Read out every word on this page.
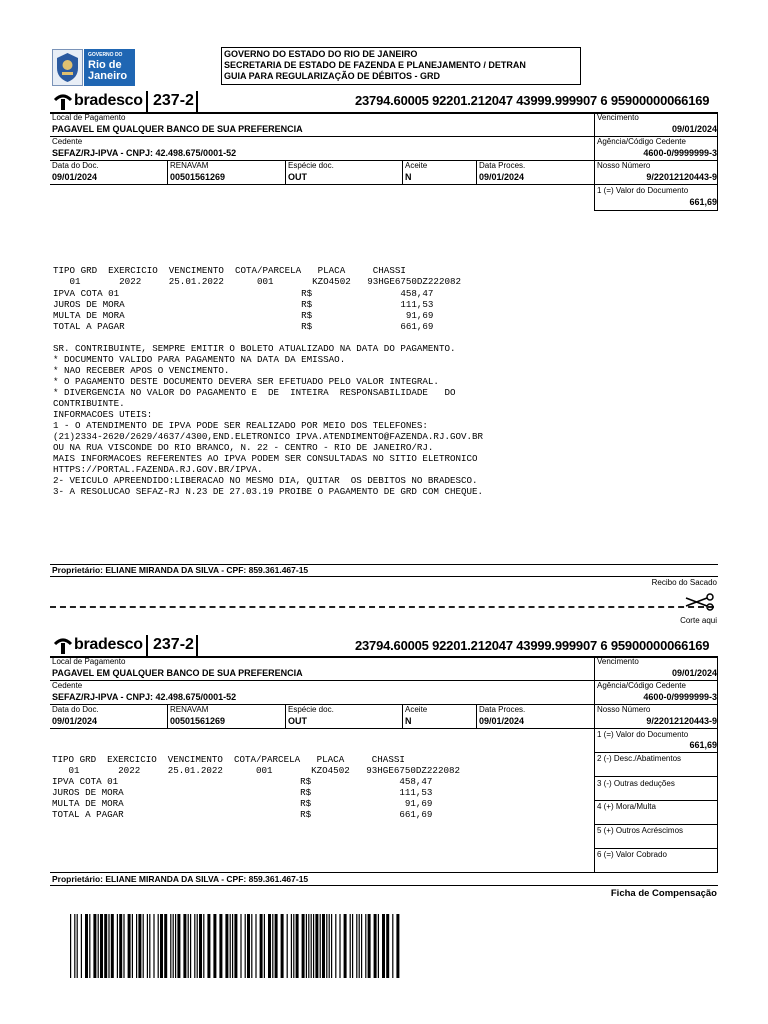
GOVERNO DO
Rio de
Janeiro
GOVERNO DO ESTADO DO RIO DE JANEIRO
SECRETARIA DE ESTADO DE FAZENDA E PLANEJAMENTO / DETRAN
GUIA PARA REGULARIZAÇÃO DE DÉBITOS - GRD
bradesco 237-2	23794.60005 92201.212047 43999.999907 6 95900000066169
Local de Pagamento
PAGAVEL EM QUALQUER BANCO DE SUA PREFERENCIA
Vencimento
09/01/2024
Cedente
SEFAZ/RJ-IPVA - CNPJ: 42.498.675/0001-52
Agência/Código Cedente
4600-0/9999999-3
Data do Doc.
09/01/2024
RENAVAM
00501561269
Espécie doc.
OUT
Aceite
N
Data Proces.
09/01/2024
Nosso Número
9/22012120443-9
1 (=) Valor do Documento
661,69
TIPO GRD  EXERCICIO  VENCIMENTO  COTA/PARCELA   PLACA     CHASSI
01       2022     25.01.2022      001       KZO4502   93HGE6750DZ222082
IPVA COTA 01                                 R$                458,47
JUROS DE MORA                                R$                111,53
MULTA DE MORA                                R$                 91,69
TOTAL A PAGAR                                R$                661,69
SR. CONTRIBUINTE, SEMPRE EMITIR O BOLETO ATUALIZADO NA DATA DO PAGAMENTO.
* DOCUMENTO VALIDO PARA PAGAMENTO NA DATA DA EMISSAO.
* NAO RECEBER APOS O VENCIMENTO.
* O PAGAMENTO DESTE DOCUMENTO DEVERA SER EFETUADO PELO VALOR INTEGRAL.
* DIVERGENCIA NO VALOR DO PAGAMENTO E  DE  INTEIRA  RESPONSABILIDADE   DO
CONTRIBUINTE.
INFORMACOES UTEIS:
1 - O ATENDIMENTO DE IPVA PODE SER REALIZADO POR MEIO DOS TELEFONES:
(21)2334-2620/2629/4637/4300,END.ELETRONICO IPVA.ATENDIMENTO@FAZENDA.RJ.GOV.BR
OU NA RUA VISCONDE DO RIO BRANCO, N. 22 - CENTRO - RIO DE JANEIRO/RJ.
MAIS INFORMACOES REFERENTES AO IPVA PODEM SER CONSULTADAS NO SITIO ELETRONICO
HTTPS://PORTAL.FAZENDA.RJ.GOV.BR/IPVA.
2- VEICULO APREENDIDO:LIBERACAO NO MESMO DIA, QUITAR  OS DEBITOS NO BRADESCO.
3- A RESOLUCAO SEFAZ-RJ N.23 DE 27.03.19 PROIBE O PAGAMENTO DE GRD COM CHEQUE.
Proprietário: ELIANE MIRANDA DA SILVA - CPF: 859.361.467-15
Recibo do Sacado
Corte aqui
bradesco 237-2	23794.60005 92201.212047 43999.999907 6 95900000066169
Local de Pagamento
PAGAVEL EM QUALQUER BANCO DE SUA PREFERENCIA
Vencimento
09/01/2024
Cedente
SEFAZ/RJ-IPVA - CNPJ: 42.498.675/0001-52
Agência/Código Cedente
4600-0/9999999-3
Data do Doc.
09/01/2024
RENAVAM
00501561269
Espécie doc.
OUT
Aceite
N
Data Proces.
09/01/2024
Nosso Número
9/22012120443-9
1 (=) Valor do Documento
661,69
2 (-) Desc./Abatimentos
3 (-) Outras deduções
4 (+) Mora/Multa
5 (+) Outros Acréscimos
6 (=) Valor Cobrado
TIPO GRD  EXERCICIO  VENCIMENTO  COTA/PARCELA   PLACA     CHASSI
01       2022     25.01.2022      001       KZO4502   93HGE6750DZ222082
IPVA COTA 01                                 R$                458,47
JUROS DE MORA                                R$                111,53
MULTA DE MORA                                R$                 91,69
TOTAL A PAGAR                                R$                661,69
Proprietário: ELIANE MIRANDA DA SILVA - CPF: 859.361.467-15
Ficha de Compensação
